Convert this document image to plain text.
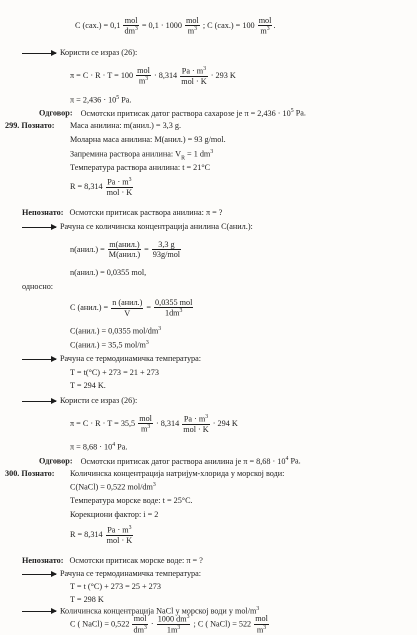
C $(сах.) = 0,1 \frac{\text{mol}}{dm^3} = 0,1 \cdot 1000 \frac{\text{mol}}{m^3}$ ; C $(сах.) = 100 \frac{\text{mol}}{m^3}$ .
Користи се израз (26):
$\pi = C \cdot R \cdot T = 100 \frac{\text{mol}}{m^3} \cdot 8,314 \frac{Pa \cdot m^3}{\text{mol · K}} \cdot 293$ K
$\pi = 2,436 \cdot 10^5$ Pa.
Одговор: Осмотски притисак датог раствора сахарозе је $\pi = 2,436 \cdot 10^5$ Pa.
299. Познато: Маса анилина: m(анил.) = 3,3 g.
Моларна маса анилина: M(анил.) = 93 g/mol.
Запремина раствора анилина: $V_R = 1$ $dm^3$
Температура раствора анилина: t = 21°C
$R = 8,314 \frac{Pa \cdot m^3}{\text{mol · K}}$
Непознато: Осмотски притисак раствора анилина: π = ?
Рачуна се количинска концентрација анилина C(анил.):
n(анил.) = $\frac{\text{m(анил.)}}{\text{M(анил.)}} = \frac{3,3 g}{\text{93g/mol}}$
n(анил.) = 0,0355 mol,
односно:
C (анил.) = $\frac{\text{n (анил.)}}{V} = \frac{\text{0,0355 mol}}{1dm^3}$
C(анил.) = 0,0355 mol/$dm^3$
C(анил.) = 35,5 mol/$m^3$
Рачуна се термодинамичка температура:
T = t(°C) + 273 = 21 + 273
T = 294 K.
Користи се израз (26):
$\pi = C \cdot R \cdot T = 35,5 \frac{\text{mol}}{m^3} \cdot 8,314 \frac{Pa \cdot m^3}{\text{mol · K}} \cdot 294$ K
$\pi = 8,68 \cdot 10^4$ Pa.
Одговор: Осмотски притисак датог раствора анилина је $\pi = 8,68 \cdot 10^4$ Pa.
300. Познато: Количинска концентрација натријум-хлорида у морској води:
C(NaCl) = 0,522 mol/$dm^3$
Температура морске воде: t = 25°C.
Корекциони фактор: i = 2
$R = 8,314 \frac{Pa \cdot m^3}{\text{mol · K}}$
Непознато: Осмотски притисак морске воде: π = ?
Рачуна се термодинамичка температура:
T = t (°C) + 273 = 25 + 273
T = 298 K
Количинска концентрација NaCl у морској води у mol/$m^3$
C ( NaCl) = $0,522 \frac{\text{mol}}{dm^3} \cdot \frac{1000 dm^3}{1m^3}$ ; C ( NaCl) = $522 \frac{\text{mol}}{m^3}$
